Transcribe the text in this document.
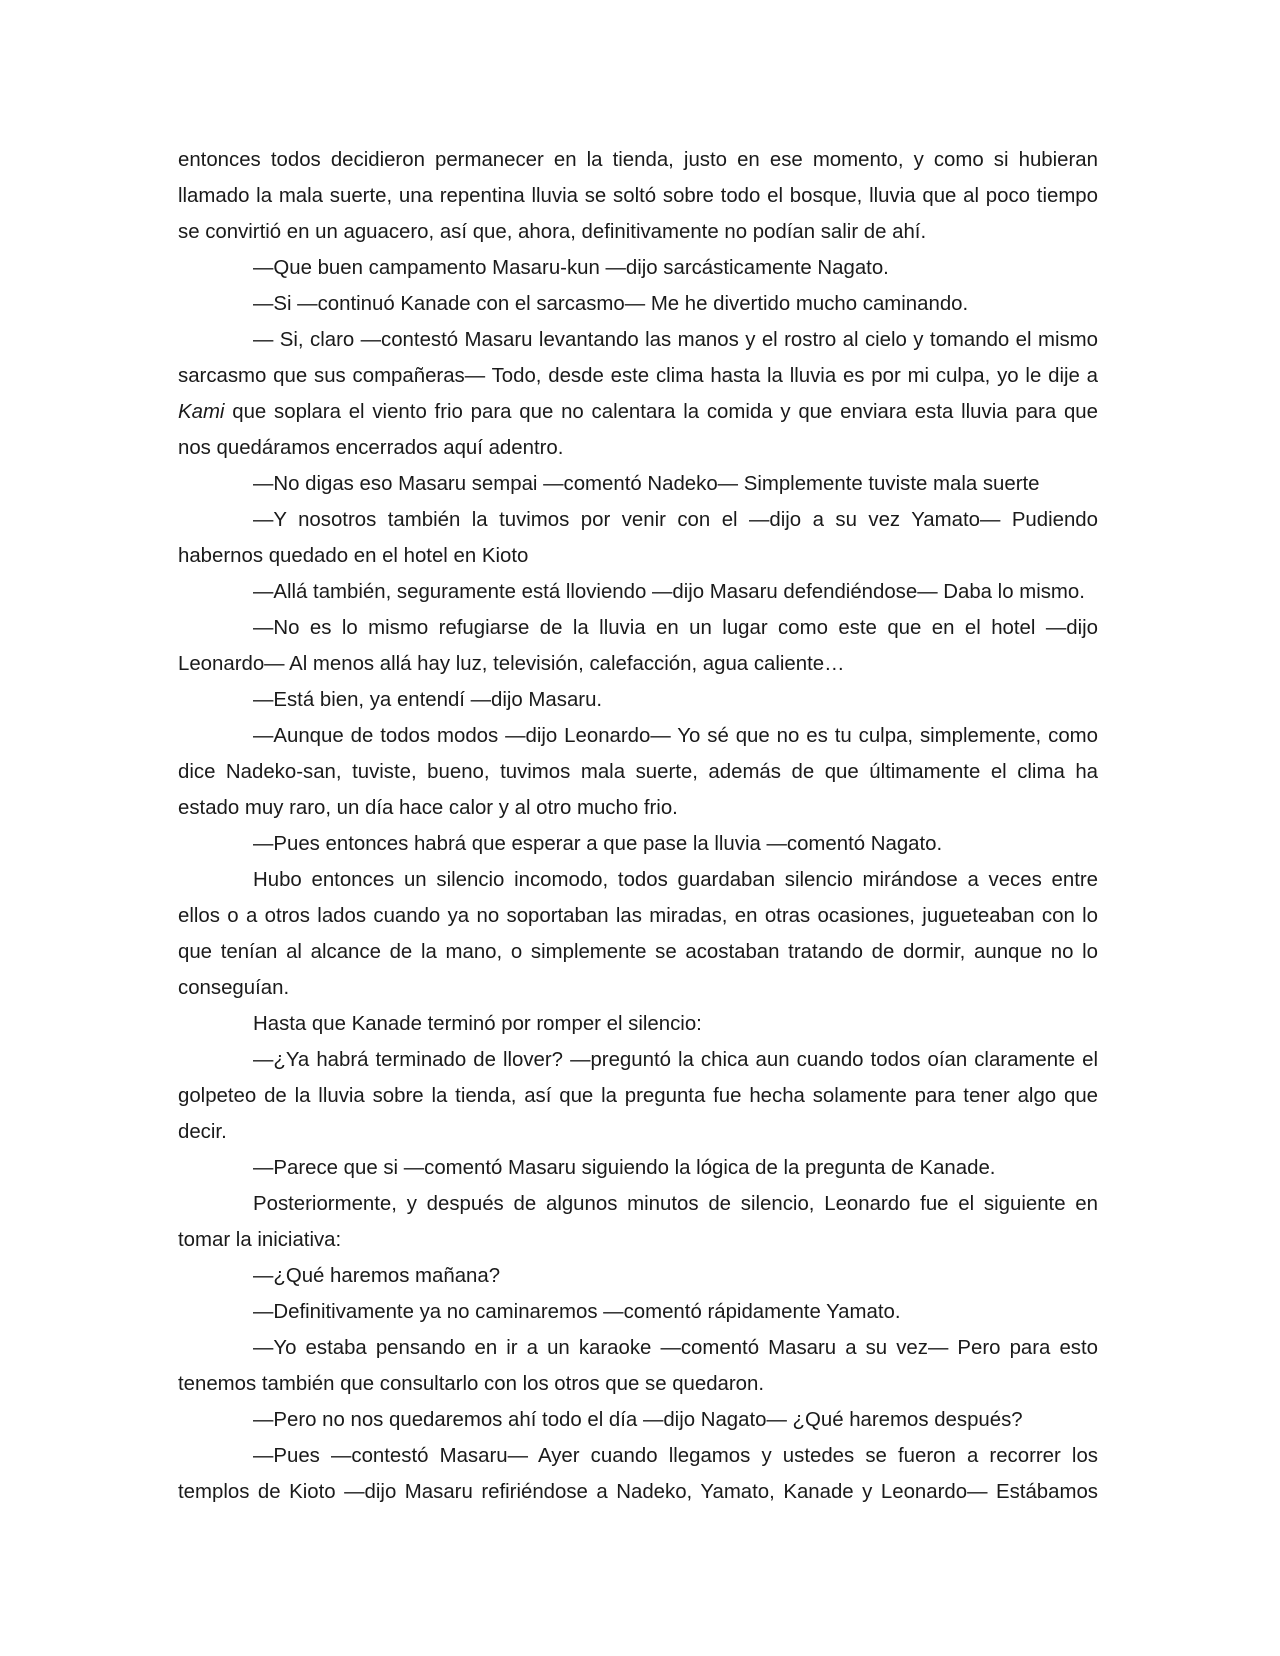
entonces todos decidieron permanecer en la tienda, justo en ese momento, y como si hubieran llamado la mala suerte, una repentina lluvia se soltó sobre todo el bosque, lluvia que al poco tiempo se convirtió en un aguacero, así que, ahora, definitivamente no podían salir de ahí.

—Que buen campamento Masaru-kun —dijo sarcásticamente Nagato.

—Si —continuó Kanade con el sarcasmo— Me he divertido mucho caminando.

— Si, claro —contestó Masaru levantando las manos y el rostro al cielo y tomando el mismo sarcasmo que sus compañeras— Todo, desde este clima hasta la lluvia es por mi culpa, yo le dije a Kami que soplara el viento frio para que no calentara la comida y que enviara esta lluvia para que nos quedáramos encerrados aquí adentro.

—No digas eso Masaru sempai —comentó Nadeko— Simplemente tuviste mala suerte

—Y nosotros también la tuvimos por venir con el —dijo a su vez Yamato— Pudiendo habernos quedado en el hotel en Kioto

—Allá también, seguramente está lloviendo —dijo Masaru defendiéndose— Daba lo mismo.

—No es lo mismo refugiarse de la lluvia en un lugar como este que en el hotel —dijo Leonardo— Al menos allá hay luz, televisión, calefacción, agua caliente…

—Está bien, ya entendí —dijo Masaru.

—Aunque de todos modos —dijo Leonardo— Yo sé que no es tu culpa, simplemente, como dice Nadeko-san, tuviste, bueno, tuvimos mala suerte, además de que últimamente el clima ha estado muy raro, un día hace calor y al otro mucho frio.

—Pues entonces habrá que esperar a que pase la lluvia —comentó Nagato.

Hubo entonces un silencio incomodo, todos guardaban silencio mirándose a veces entre ellos o a otros lados cuando ya no soportaban las miradas, en otras ocasiones, jugueteaban con lo que tenían al alcance de la mano, o simplemente se acostaban tratando de dormir, aunque no lo conseguían.

Hasta que Kanade terminó por romper el silencio:

—¿Ya habrá terminado de llover? —preguntó la chica aun cuando todos oían claramente el golpeteo de la lluvia sobre la tienda, así que la pregunta fue hecha solamente para tener algo que decir.

—Parece que si —comentó Masaru siguiendo la lógica de la pregunta de Kanade.

Posteriormente, y después de algunos minutos de silencio, Leonardo fue el siguiente en tomar la iniciativa:

—¿Qué haremos mañana?

—Definitivamente ya no caminaremos —comentó rápidamente Yamato.

—Yo estaba pensando en ir a un karaoke —comentó Masaru a su vez— Pero para esto tenemos también que consultarlo con los otros que se quedaron.

—Pero no nos quedaremos ahí todo el día —dijo Nagato— ¿Qué haremos después?

—Pues —contestó Masaru— Ayer cuando llegamos y ustedes se fueron a recorrer los templos de Kioto —dijo Masaru refiriéndose a Nadeko, Yamato, Kanade y Leonardo— Estábamos
